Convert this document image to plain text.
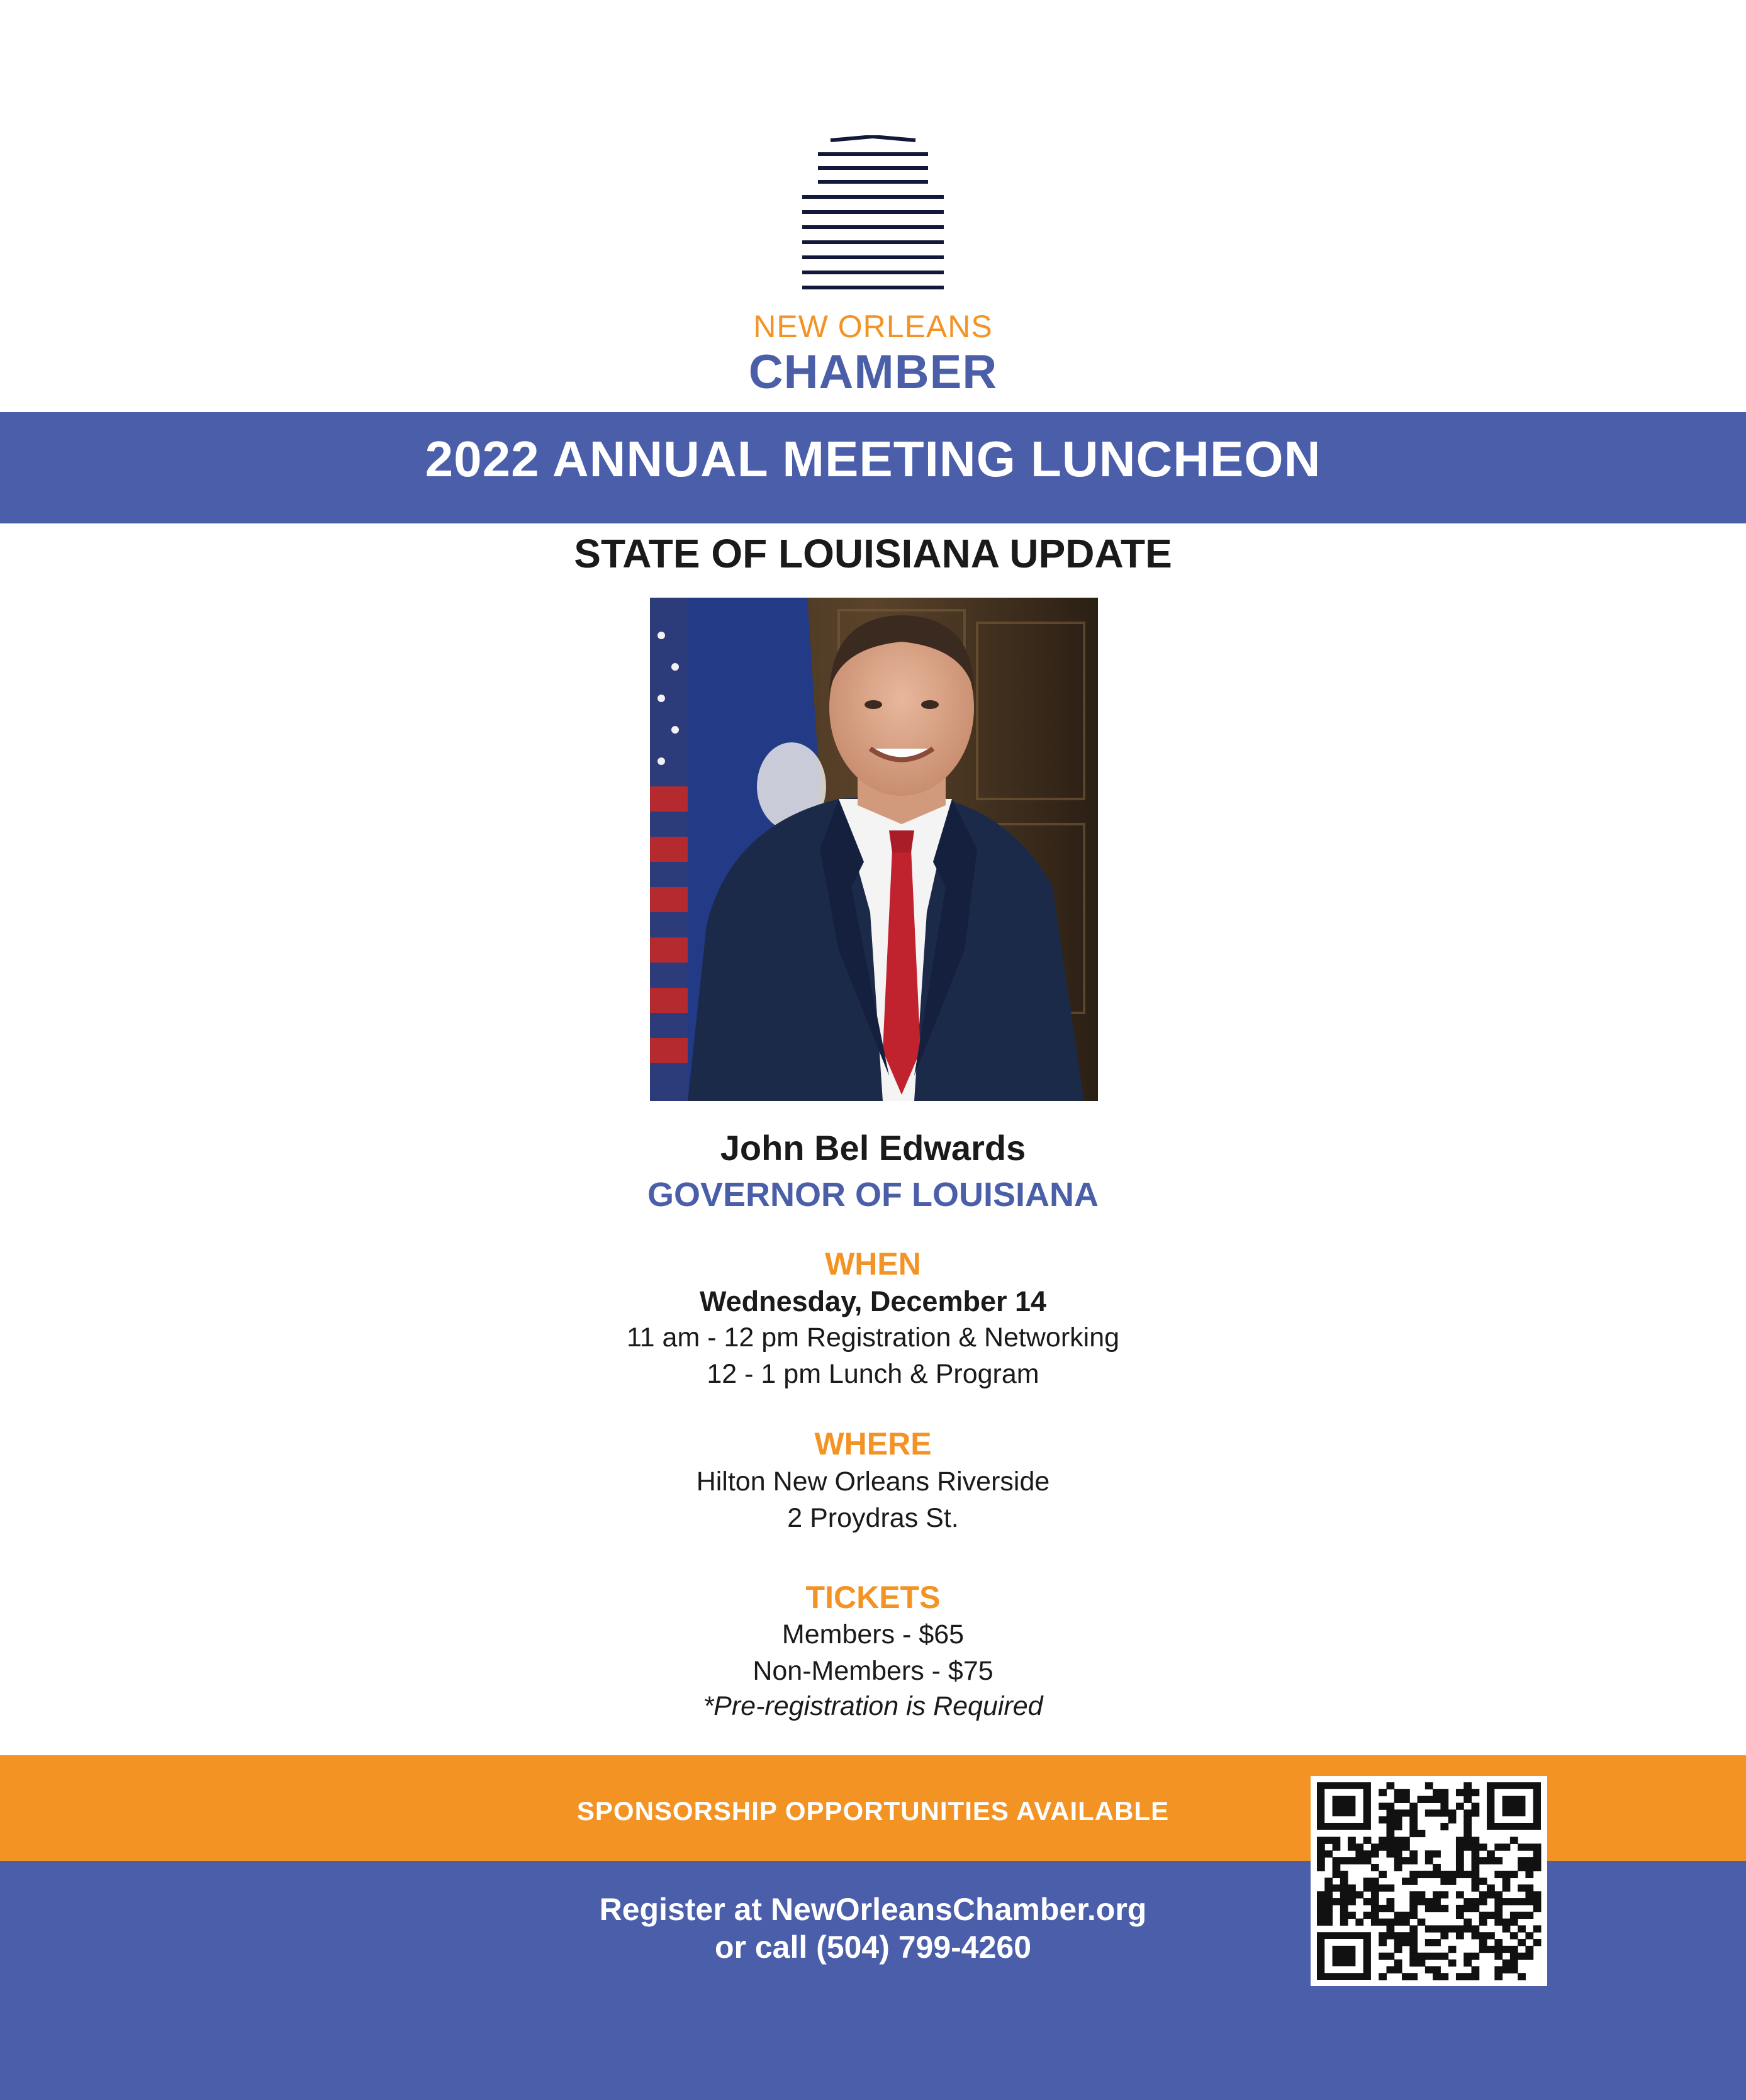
NEW ORLEANS
CHAMBER
2022 ANNUAL MEETING LUNCHEON
STATE OF LOUISIANA UPDATE
John Bel Edwards
GOVERNOR OF LOUISIANA
WHEN
Wednesday, December 14
11 am - 12 pm Registration & Networking
12 - 1 pm Lunch & Program
WHERE
Hilton New Orleans Riverside
2 Proydras St.
TICKETS
Members - $65
Non-Members - $75
*Pre-registration is Required
SPONSORSHIP OPPORTUNITIES AVAILABLE
Register at NewOrleansChamber.org
or call (504) 799-4260
